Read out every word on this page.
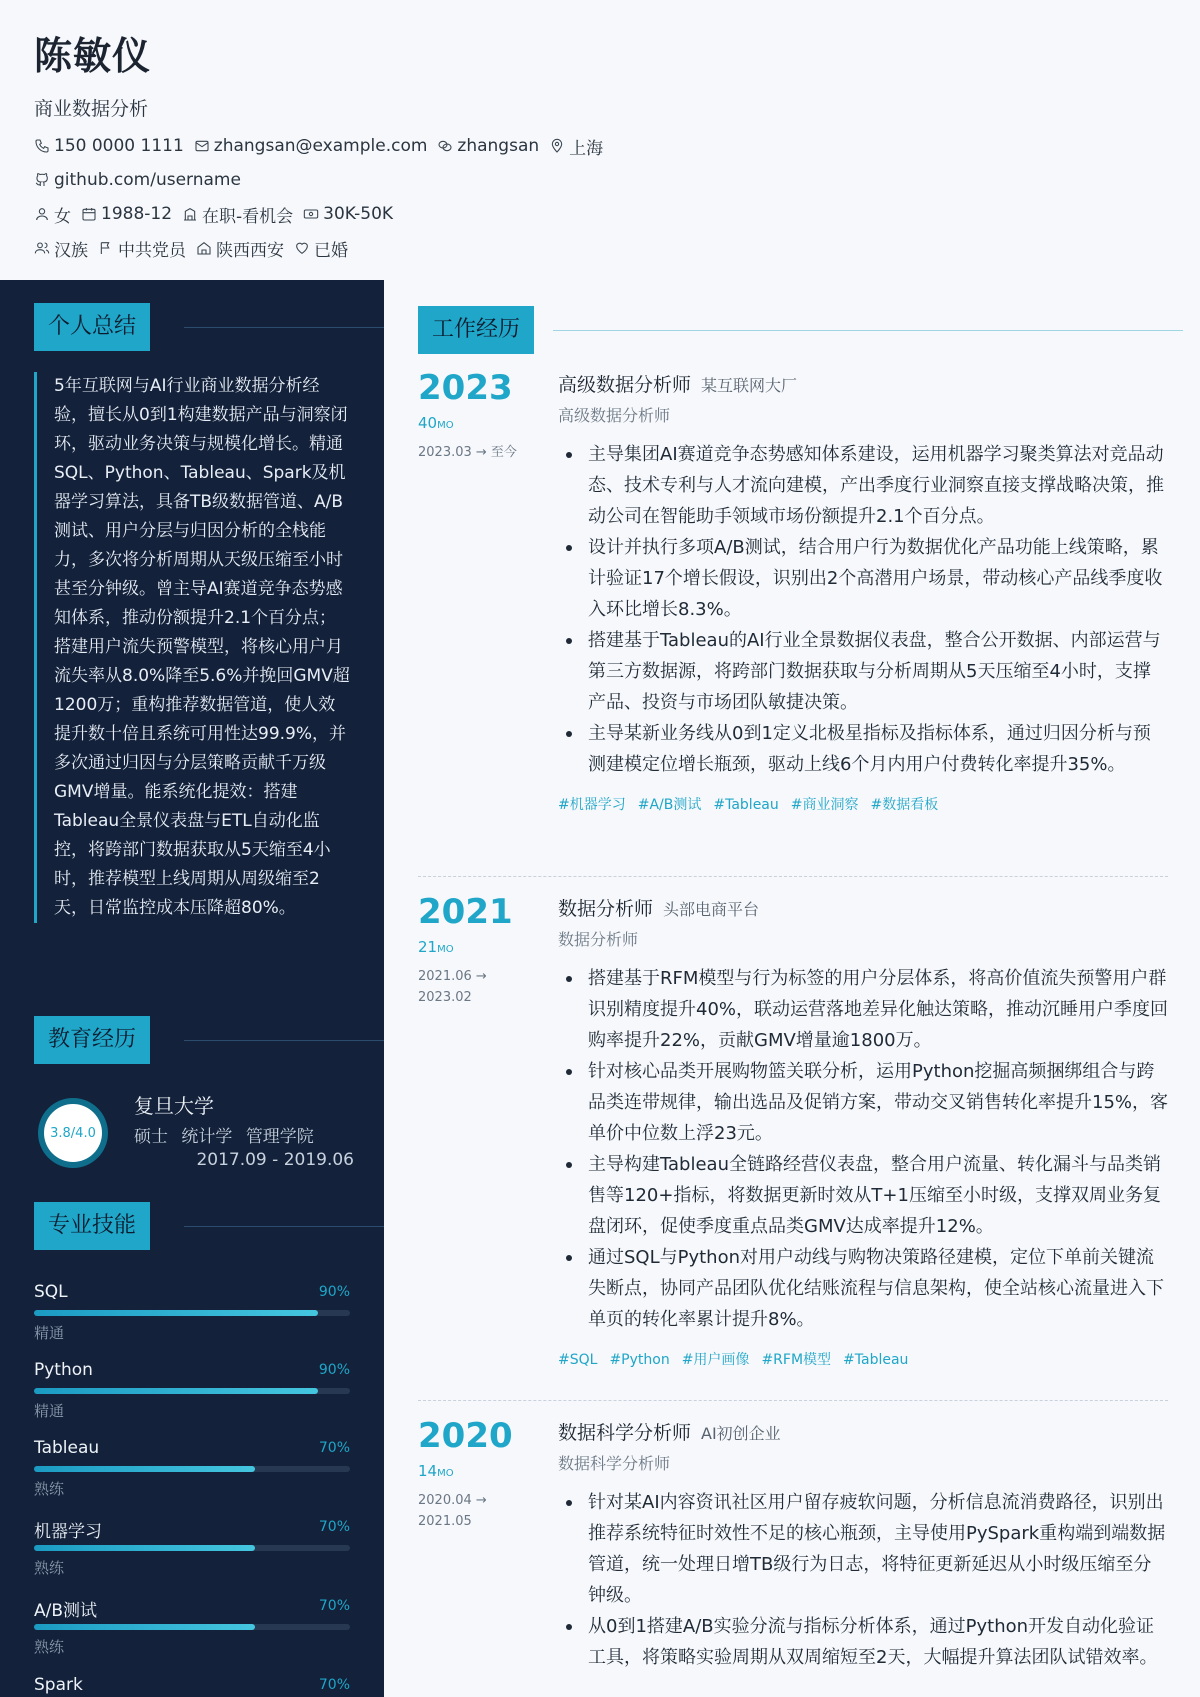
陈敏仪
商业数据分析
150 0000 1111 zhangsan@example.com zhangsan 上海
github.com/username
女 1988-12 在职-看机会 30K-50K
汉族 中共党员 陕西西安 已婚
个人总结
5年互联网与AI行业商业数据分析经验，擅长从0到1构建数据产品与洞察闭环，驱动业务决策与规模化增长。精通SQL、Python、Tableau、Spark及机器学习算法，具备TB级数据管道、A/B测试、用户分层与归因分析的全栈能力，多次将分析周期从天级压缩至小时甚至分钟级。曾主导AI赛道竞争态势感知体系，推动份额提升2.1个百分点；搭建用户流失预警模型，将核心用户月流失率从8.0%降至5.6%并挽回GMV超1200万；重构推荐数据管道，使人效提升数十倍且系统可用性达99.9%，并多次通过归因与分层策略贡献千万级GMV增量。能系统化提效：搭建Tableau全景仪表盘与ETL自动化监控，将跨部门数据获取从5天缩至4小时，推荐模型上线周期从周级缩至2天，日常监控成本压降超80%。
教育经历
3.8/4.0
复旦大学
硕士 统计学 管理学院
2017.09 - 2019.06
专业技能
SQL	90%
精通
Python	90%
精通
Tableau	70%
熟练
机器学习	70%
熟练
A/B测试	70%
熟练
Spark	70%
工作经历
2023
40MO
2023.03 → 至今
高级数据分析师 某互联网大厂
高级数据分析师
主导集团AI赛道竞争态势感知体系建设，运用机器学习聚类算法对竞品动态、技术专利与人才流向建模，产出季度行业洞察直接支撑战略决策，推动公司在智能助手领域市场份额提升2.1个百分点。
设计并执行多项A/B测试，结合用户行为数据优化产品功能上线策略，累计验证17个增长假设，识别出2个高潜用户场景，带动核心产品线季度收入环比增长8.3%。
搭建基于Tableau的AI行业全景数据仪表盘，整合公开数据、内部运营与第三方数据源，将跨部门数据获取与分析周期从5天压缩至4小时，支撑产品、投资与市场团队敏捷决策。
主导某新业务线从0到1定义北极星指标及指标体系，通过归因分析与预测建模定位增长瓶颈，驱动上线6个月内用户付费转化率提升35%。
#机器学习 #A/B测试 #Tableau #商业洞察 #数据看板
2021
21MO
2021.06 → 2023.02
数据分析师 头部电商平台
数据分析师
搭建基于RFM模型与行为标签的用户分层体系，将高价值流失预警用户群识别精度提升40%，联动运营落地差异化触达策略，推动沉睡用户季度回购率提升22%，贡献GMV增量逾1800万。
针对核心品类开展购物篮关联分析，运用Python挖掘高频捆绑组合与跨品类连带规律，输出选品及促销方案，带动交叉销售转化率提升15%，客单价中位数上浮23元。
主导构建Tableau全链路经营仪表盘，整合用户流量、转化漏斗与品类销售等120+指标，将数据更新时效从T+1压缩至小时级，支撑双周业务复盘闭环，促使季度重点品类GMV达成率提升12%。
通过SQL与Python对用户动线与购物决策路径建模，定位下单前关键流失断点，协同产品团队优化结账流程与信息架构，使全站核心流量进入下单页的转化率累计提升8%。
#SQL #Python #用户画像 #RFM模型 #Tableau
2020
14MO
2020.04 → 2021.05
数据科学分析师 AI初创企业
数据科学分析师
针对某AI内容资讯社区用户留存疲软问题，分析信息流消费路径，识别出推荐系统特征时效性不足的核心瓶颈，主导使用PySpark重构端到端数据管道，统一处理日增TB级行为日志，将特征更新延迟从小时级压缩至分钟级。
从0到1搭建A/B实验分流与指标分析体系，通过Python开发自动化验证工具，将策略实验周期从双周缩短至2天，大幅提升算法团队试错效率。
